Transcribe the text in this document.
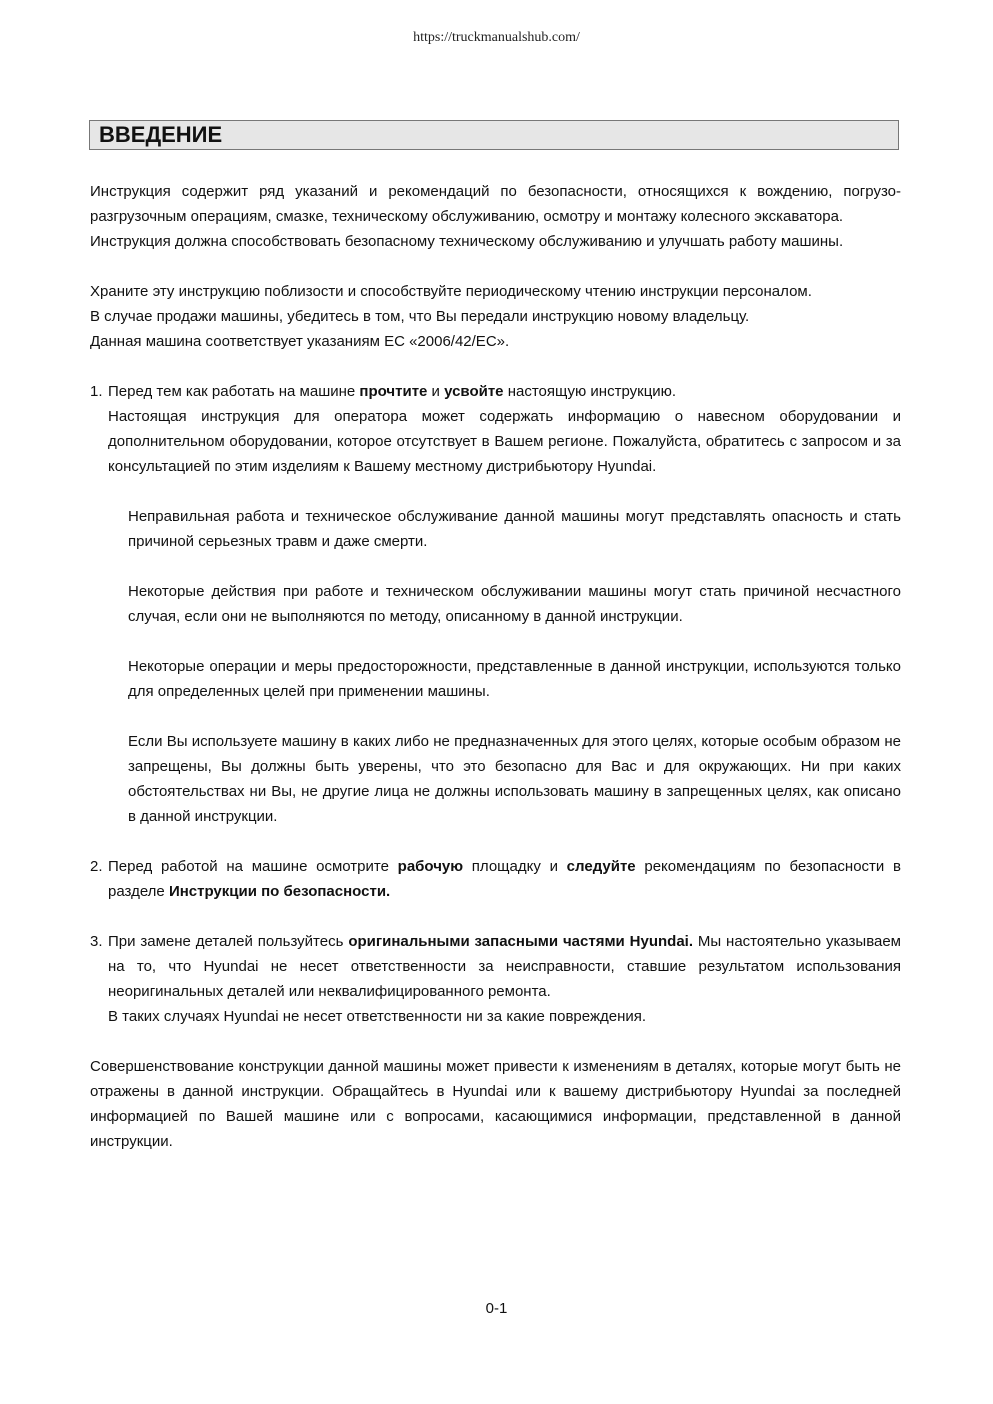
https://truckmanualshub.com/
ВВЕДЕНИЕ

Инструкция содержит ряд указаний и рекомендаций по безопасности, относящихся к вождению, погрузо-разгрузочным операциям, смазке, техническому обслуживанию, осмотру и монтажу колесного экскаватора.

Инструкция должна способствовать безопасному техническому обслуживанию и улучшать работу машины.

Храните эту инструкцию поблизости и способствуйте периодическому чтению инструкции персоналом.

В случае продажи машины, убедитесь в том, что Вы передали инструкцию новому владельцу.

Данная машина соответствует указаниям ЕС «2006/42/ЕС».

1. Перед тем как работать на машине прочтите и усвойте настоящую инструкцию.

Настоящая инструкция для оператора может содержать информацию о навесном оборудовании и дополнительном оборудовании, которое отсутствует в Вашем регионе. Пожалуйста, обратитесь с запросом и за консультацией по этим изделиям к Вашему местному дистрибьютору Hyundai.

Неправильная работа и техническое обслуживание данной машины могут представлять опасность и стать причиной серьезных травм и даже смерти.

Некоторые действия при работе и техническом обслуживании машины могут стать причиной несчастного случая, если они не выполняются по методу, описанному в данной инструкции.

Некоторые операции и меры предосторожности, представленные в данной инструкции, используются только для определенных целей при применении машины.

Если Вы используете машину в каких либо не предназначенных для этого целях, которые особым образом не запрещены, Вы должны быть уверены, что это безопасно для Вас и для окружающих. Ни при каких обстоятельствах ни Вы, не другие лица не должны использовать машину в запрещенных целях, как описано в данной инструкции.

2. Перед работой на машине осмотрите рабочую площадку и следуйте рекомендациям по безопасности в разделе Инструкции по безопасности.

3. При замене деталей пользуйтесь оригинальными запасными частями Hyundai. Мы настоятельно указываем на то, что Hyundai не несет ответственности за неисправности, ставшие результатом использования неоригинальных деталей или неквалифицированного ремонта.

В таких случаях Hyundai не несет ответственности ни за какие повреждения.

Совершенствование конструкции данной машины может привести к изменениям в деталях, которые могут быть не отражены в данной инструкции. Обращайтесь в Hyundai или к вашему дистрибьютору Hyundai за последней информацией по Вашей машине или с вопросами, касающимися информации, представленной в данной инструкции.

0-1
